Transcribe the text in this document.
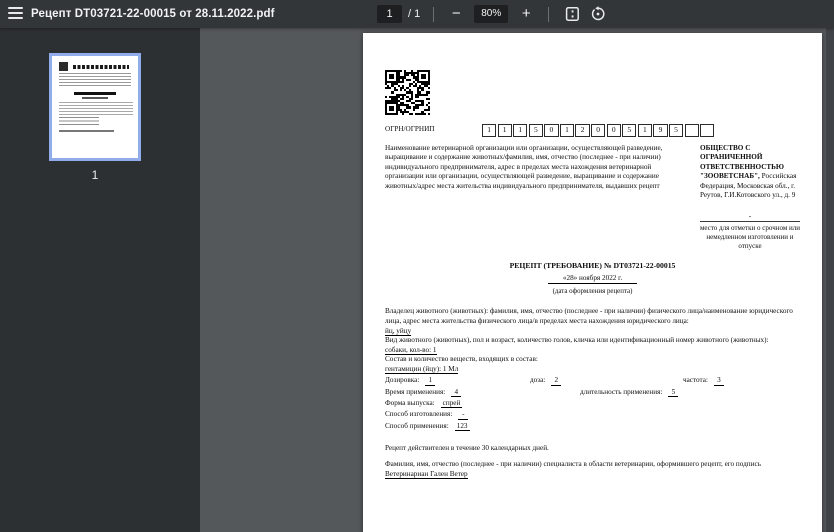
Рецепт DT03721-22-00015 от 28.11.2022.pdf	1	/ 1	−	80%	+
1
ОГРН/ОГРНИП	1	1	1	5	0	1	2	0	0	5	1	9	5
Наименование ветеринарной организации или организации, осуществляющей разведение, выращивание и содержание животных/фамилия, имя, отчество (последнее - при наличии) индивидуального предпринимателя, адрес в пределах места нахождения ветеринарной организации или организации, осуществляющей разведение, выращивание и содержание животных/адрес места жительства индивидуального предпринимателя, выдавших рецепт
ОБЩЕСТВО С ОГРАНИЧЕННОЙ ОТВЕТСТВЕННОСТЬЮ "ЗООВЕТСНАБ", Российская Федерация, Московская обл., г. Реутов, Г.И.Котовского ул., д. 9
-
место для отметки о срочном или немедленном изготовлении и отпуске
РЕЦЕПТ (ТРЕБОВАНИЕ) № DT03721-22-00015
«28» ноября 2022 г.
(дата оформления рецепта)
Владелец животного (животных): фамилия, имя, отчество (последнее - при наличии) физического лица/наименование юридического лица, адрес места жительства физического лица/в пределах места нахождения юридического лица:
йц, уйцу
Вид животного (животных), пол и возраст, количество голов, кличка или идентификационный номер животного (животных):
собаки, кол-во: 1
Состав и количество веществ, входящих в состав:
гентамицин (йцу): 1 Мл
Дозировка: 1	доза: 2	частота: 3
Время применения: 4	длительность применения: 5
Форма выпуска: спрей
Способ изготовления: -
Способ применения: 123
Рецепт действителен в течение 30 календарных дней.
Фамилия, имя, отчество (последнее - при наличии) специалиста в области ветеринарии, оформившего рецепт, его подпись Ветеринариан Гален Ветер
